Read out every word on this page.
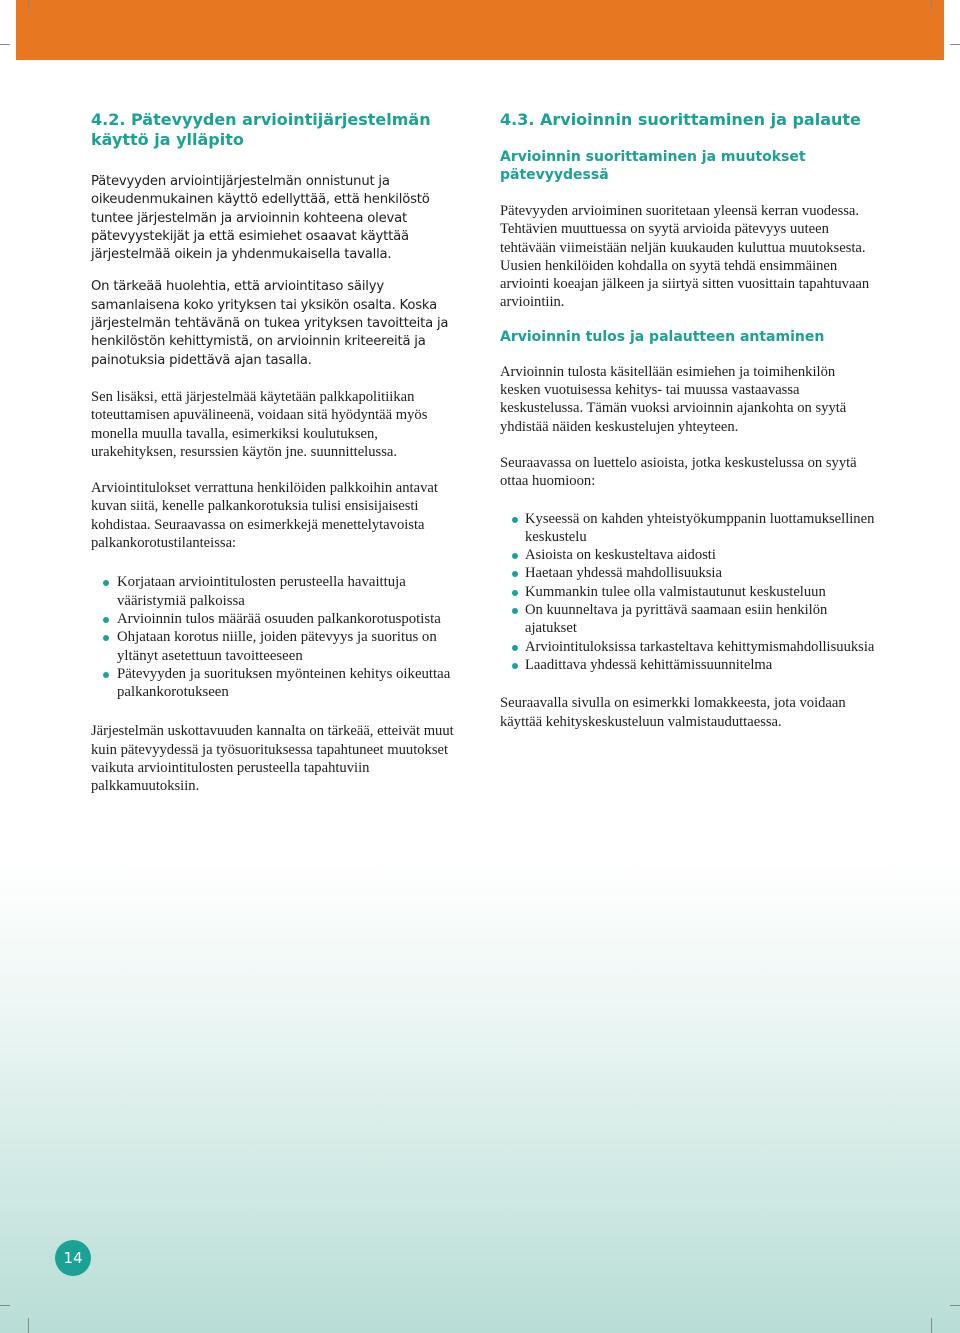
4.2. Pätevyyden arviointijärjestelmän käyttö ja ylläpito

Pätevyyden arviointijärjestelmän onnistunut ja oikeudenmukainen käyttö edellyttää, että henkilöstö tuntee järjestelmän ja arvioinnin kohteena olevat pätevyystekijät ja että esimiehet osaavat käyttää järjestelmää oikein ja yhdenmukaisella tavalla.

On tärkeää huolehtia, että arviointitaso säilyy samanlaisena koko yrityksen tai yksikön osalta. Koska järjestelmän tehtävänä on tukea yrityksen tavoitteita ja henkilöstön kehittymistä, on arvioinnin kriteereitä ja painotuksia pidettävä ajan tasalla.

Sen lisäksi, että järjestelmää käytetään palkkapolitiikan toteuttamisen apuvälineenä, voidaan sitä hyödyntää myös monella muulla tavalla, esimerkiksi koulutuksen, urakehityksen, resurssien käytön jne. suunnittelussa.

Arviointitulokset verrattuna henkilöiden palkkoihin antavat kuvan siitä, kenelle palkankorotuksia tulisi ensisijaisesti kohdistaa. Seuraavassa on esimerkkejä menettelytavoista palkankorotustilanteissa:

Korjataan arviointitulosten perusteella havaittuja vääristymiä palkoissa
Arvioinnin tulos määrää osuuden palkankorotuspotista
Ohjataan korotus niille, joiden pätevyys ja suoritus on yltänyt asetettuun tavoitteeseen
Pätevyyden ja suorituksen myönteinen kehitys oikeuttaa palkankorotukseen

Järjestelmän uskottavuuden kannalta on tärkeää, etteivät muut kuin pätevyydessä ja työsuorituksessa tapahtuneet muutokset vaikuta arviointitulosten perusteella tapahtuviin palkkamuutoksiin.

4.3. Arvioinnin suorittaminen ja palaute
Arvioinnin suorittaminen ja muutokset pätevyydessä

Pätevyyden arvioiminen suoritetaan yleensä kerran vuodessa. Tehtävien muuttuessa on syytä arvioida pätevyys uuteen tehtävään viimeistään neljän kuukauden kuluttua muutoksesta. Uusien henkilöiden kohdalla on syytä tehdä ensimmäinen arviointi koeajan jälkeen ja siirtyä sitten vuosittain tapahtuvaan arviointiin.

Arvioinnin tulos ja palautteen antaminen

Arvioinnin tulosta käsitellään esimiehen ja toimihenkilön kesken vuotuisessa kehitys- tai muussa vastaavassa keskustelussa. Tämän vuoksi arvioinnin ajankohta on syytä yhdistää näiden keskustelujen yhteyteen.

Seuraavassa on luettelo asioista, jotka keskustelussa on syytä ottaa huomioon:

Kyseessä on kahden yhteistyökumppanin luottamuksellinen keskustelu
Asioista on keskusteltava aidosti
Haetaan yhdessä mahdollisuuksia
Kummankin tulee olla valmistautunut keskusteluun
On kuunneltava ja pyrittävä saamaan esiin henkilön ajatukset
Arviointituloksissa tarkasteltava kehittymismahdollisuuksia
Laadittava yhdessä kehittämissuunnitelma

Seuraavalla sivulla on esimerkki lomakkeesta, jota voidaan käyttää kehityskeskusteluun valmistauduttaessa.

14
